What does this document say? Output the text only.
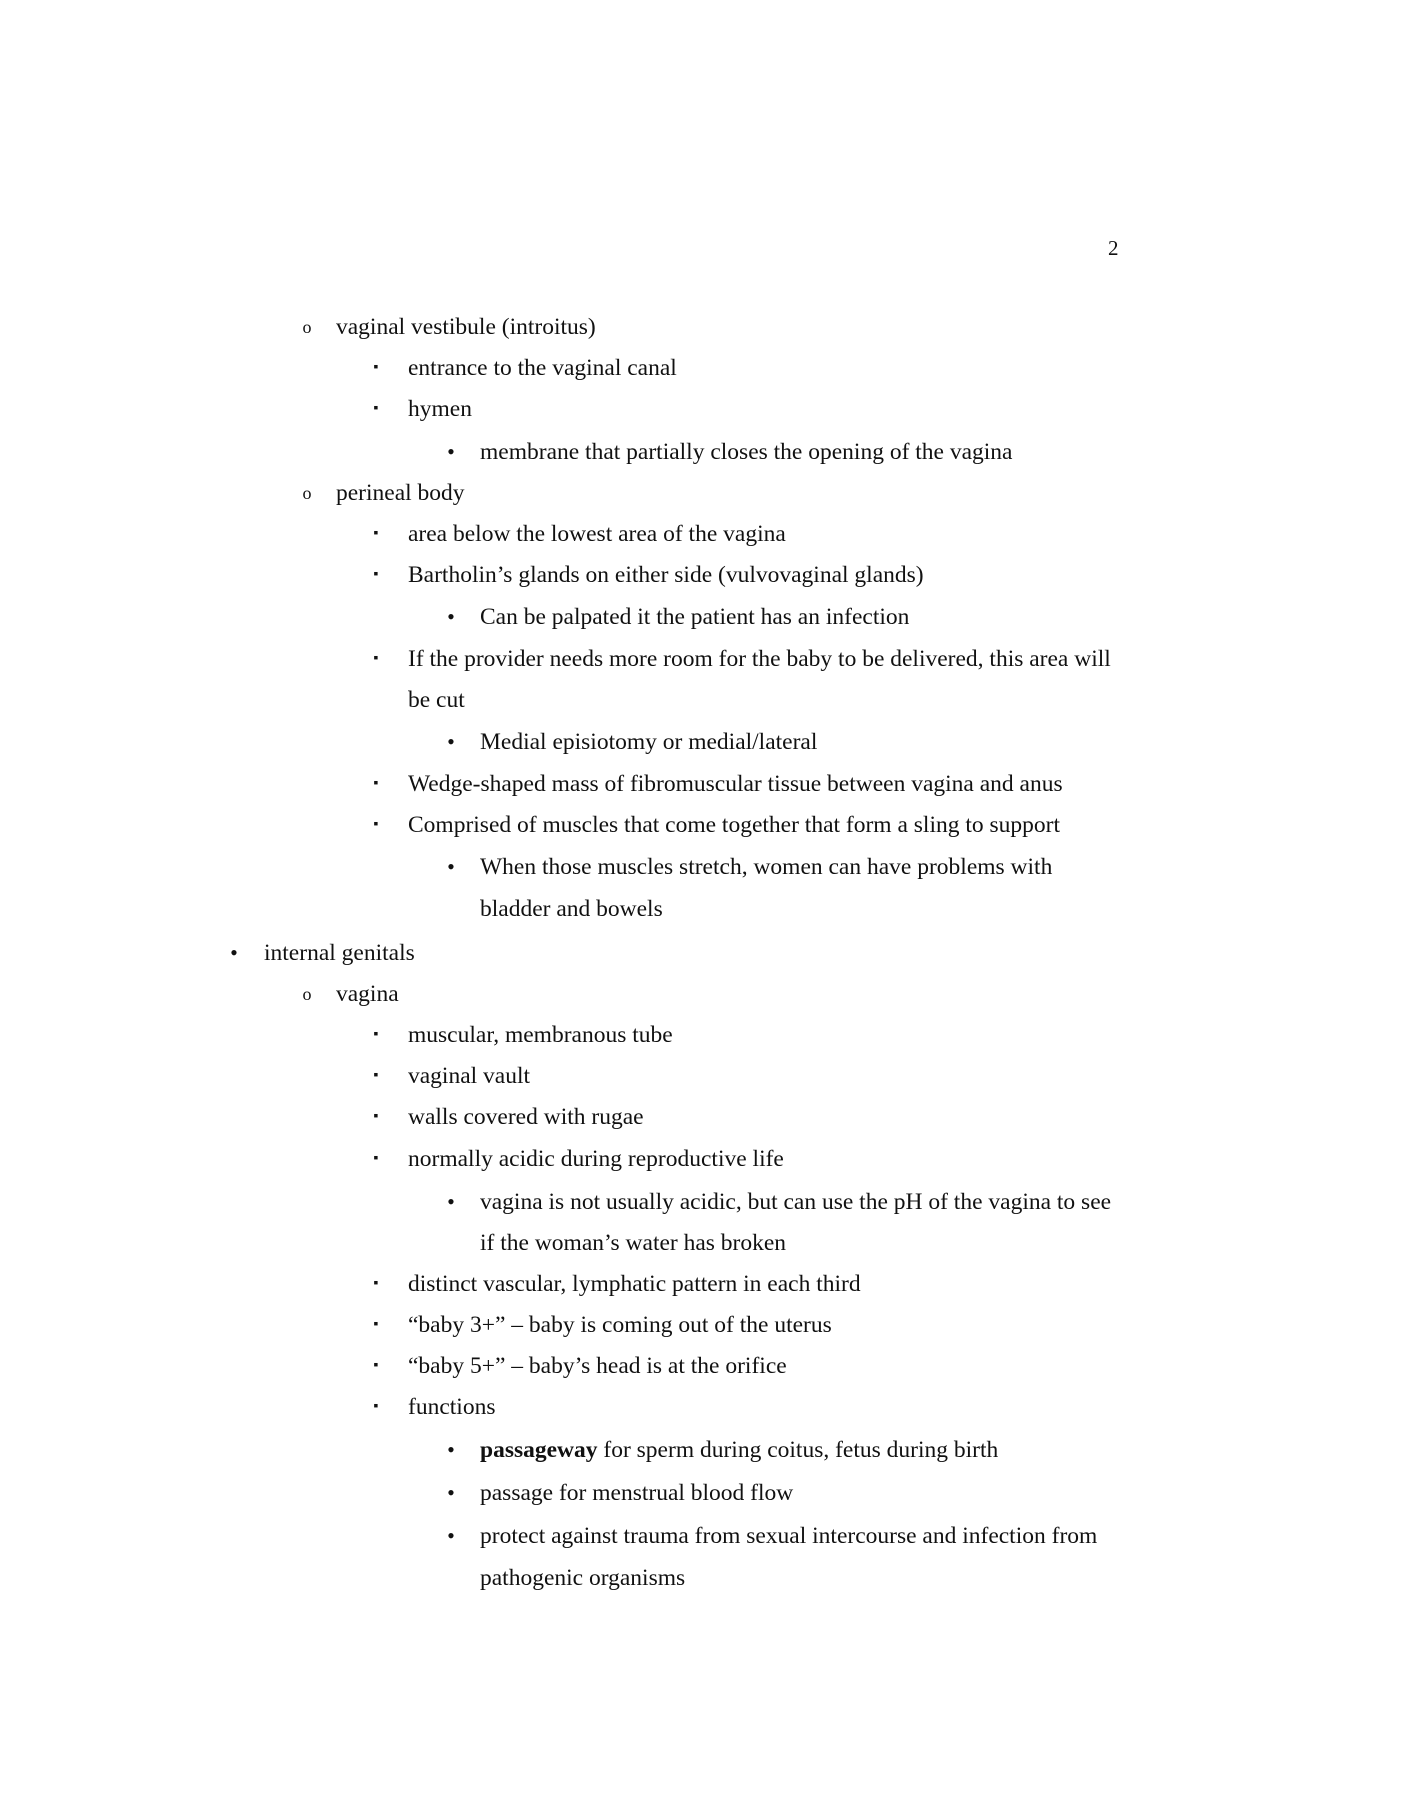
2
o vaginal vestibule (introitus)
▪	entrance to the vaginal canal
▪	hymen
• membrane that partially closes the opening of the vagina
o perineal body
▪	area below the lowest area of the vagina
▪	Bartholin’s glands on either side (vulvovaginal glands)
• Can be palpated it the patient has an infection
▪	If the provider needs more room for the baby to be delivered, this area will
be cut
• Medial episiotomy or medial/lateral
▪	Wedge-shaped mass of fibromuscular tissue between vagina and anus
▪	Comprised of muscles that come together that form a sling to support
• When those muscles stretch, women can have problems with
bladder and bowels
• internal genitals
o vagina
▪	muscular, membranous tube
▪	vaginal vault
▪	walls covered with rugae
▪	normally acidic during reproductive life
• vagina is not usually acidic, but can use the pH of the vagina to see
if the woman’s water has broken
▪	distinct vascular, lymphatic pattern in each third
▪	“baby 3+” – baby is coming out of the uterus
▪	“baby 5+” – baby’s head is at the orifice
▪	functions
• passageway for sperm during coitus, fetus during birth
• passage for menstrual blood flow
• protect against trauma from sexual intercourse and infection from
pathogenic organisms
